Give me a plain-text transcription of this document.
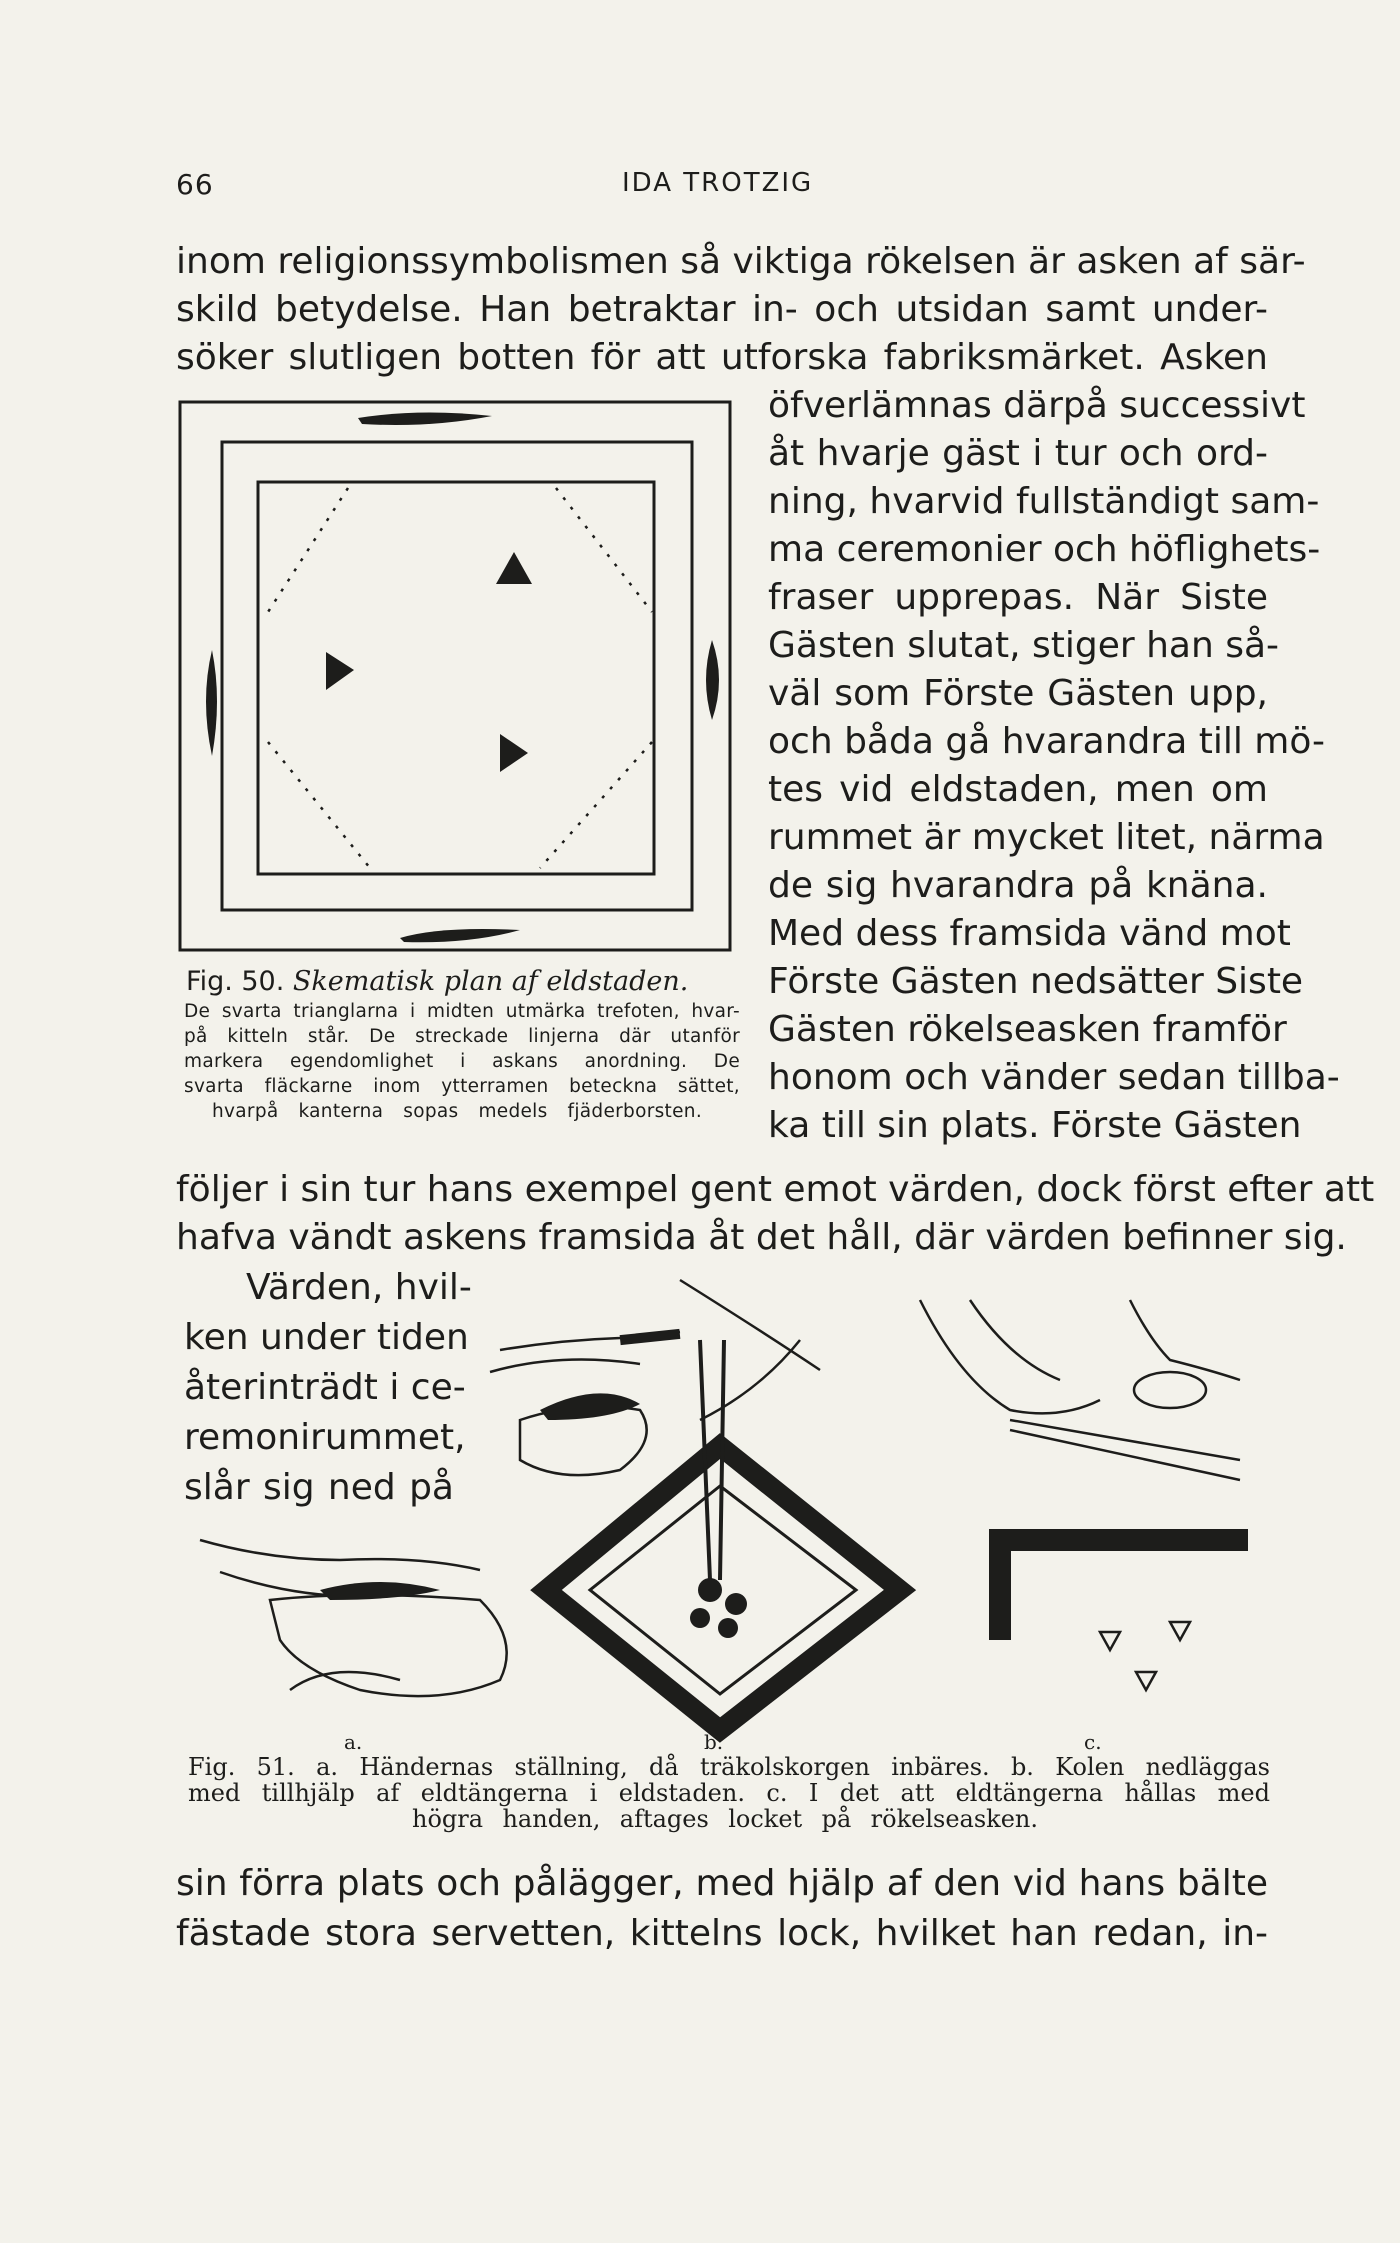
66	IDA TROTZIG
inom religionssymbolismen så viktiga rökelsen är asken af sär-
skild betydelse. Han betraktar in- och utsidan samt under-
söker slutligen botten för att utforska fabriksmärket. Asken
öfverlämnas därpå successivt
åt hvarje gäst i tur och ord-
ning, hvarvid fullständigt sam-
ma ceremonier och höflighets-
fraser upprepas. När Siste
Gästen slutat, stiger han så-
väl som Förste Gästen upp,
och båda gå hvarandra till mö-
tes vid eldstaden, men om
rummet är mycket litet, närma
de sig hvarandra på knäna.
Med dess framsida vänd mot
Förste Gästen nedsätter Siste
Gästen rökelseasken framför
honom och vänder sedan tillba-
ka till sin plats. Förste Gästen
Fig. 50. Skematisk plan af eldstaden.
De svarta trianglarna i midten utmärka trefoten, hvar-
på kitteln står. De streckade linjerna där utanför
markera egendomlighet i askans anordning. De
svarta fläckarne inom ytterramen beteckna sättet,
hvarpå kanterna sopas medels fjäderborsten.
följer i sin tur hans exempel gent emot värden, dock först efter att
hafva vändt askens framsida åt det håll, där värden befinner sig.
Värden, hvil-
ken under tiden
återinträdt i ce-
remonirummet,
slår sig ned på
a.	b.	c.
Fig. 51. a. Händernas ställning, då träkolskorgen inbäres. b. Kolen nedläggas
med tillhjälp af eldtängerna i eldstaden. c. I det att eldtängerna hållas med
högra handen, aftages locket på rökelseasken.
sin förra plats och pålägger, med hjälp af den vid hans bälte
fästade stora servetten, kittelns lock, hvilket han redan, in-
